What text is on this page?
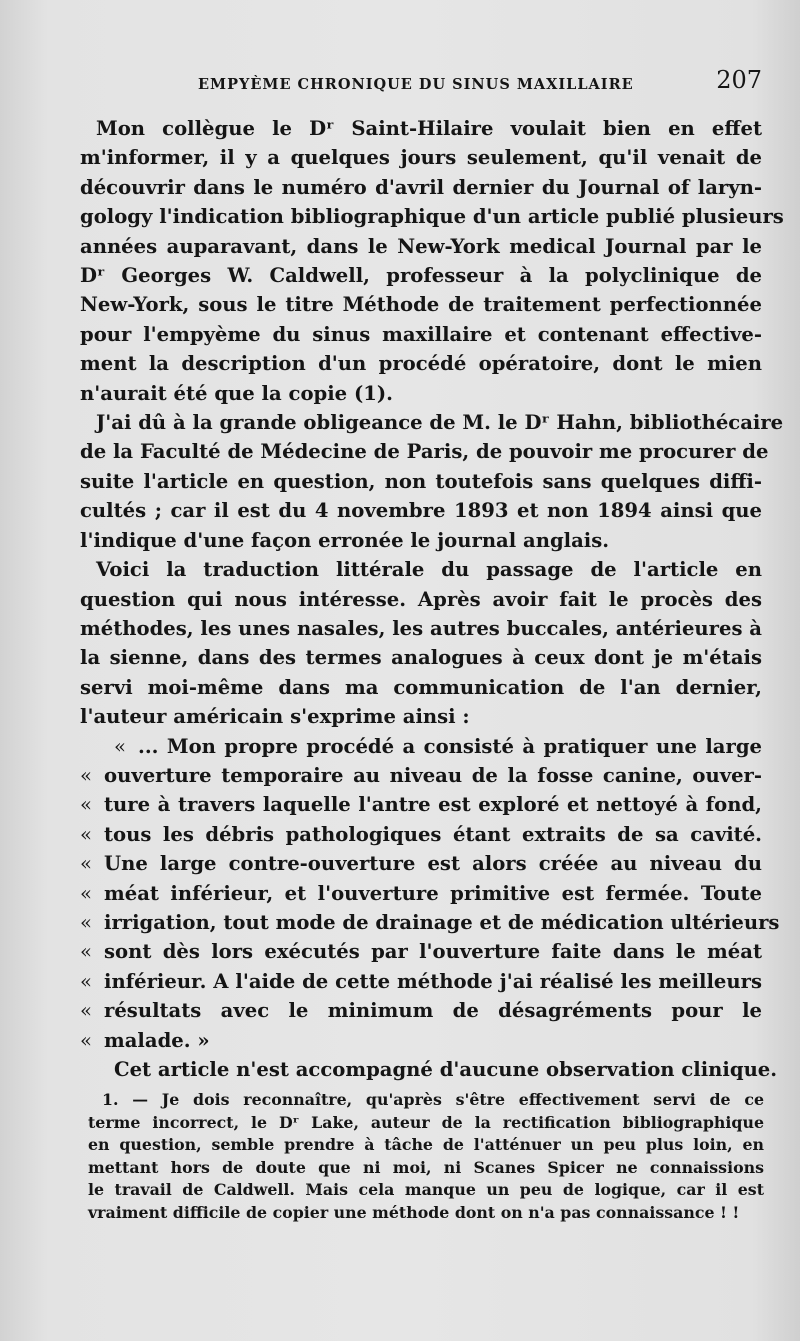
EMPYÈME CHRONIQUE DU SINUS MAXILLAIRE	207
Mon collègue le Dʳ Saint-Hilaire voulait bien en effet
m'informer, il y a quelques jours seulement, qu'il venait de
découvrir dans le numéro d'avril dernier du Journal of laryn-
gology l'indication bibliographique d'un article publié plusieurs
années auparavant, dans le New-York medical Journal par le
Dʳ Georges W. Caldwell, professeur à la polyclinique de
New-York, sous le titre Méthode de traitement perfectionnée
pour l'empyème du sinus maxillaire et contenant effective-
ment la description d'un procédé opératoire, dont le mien
n'aurait été que la copie (1).
J'ai dû à la grande obligeance de M. le Dʳ Hahn, bibliothécaire
de la Faculté de Médecine de Paris, de pouvoir me procurer de
suite l'article en question, non toutefois sans quelques diffi-
cultés ; car il est du 4 novembre 1893 et non 1894 ainsi que
l'indique d'une façon erronée le journal anglais.
Voici la traduction littérale du passage de l'article en
question qui nous intéresse. Après avoir fait le procès des
méthodes, les unes nasales, les autres buccales, antérieures à
la sienne, dans des termes analogues à ceux dont je m'étais
servi moi-même dans ma communication de l'an dernier,
l'auteur américain s'exprime ainsi :
« ... Mon propre procédé a consisté à pratiquer une large
« ouverture temporaire au niveau de la fosse canine, ouver-
« ture à travers laquelle l'antre est exploré et nettoyé à fond,
« tous les débris pathologiques étant extraits de sa cavité.
« Une large contre-ouverture est alors créée au niveau du
« méat inférieur, et l'ouverture primitive est fermée. Toute
« irrigation, tout mode de drainage et de médication ultérieurs
« sont dès lors exécutés par l'ouverture faite dans le méat
« inférieur. A l'aide de cette méthode j'ai réalisé les meilleurs
« résultats avec le minimum de désagréments pour le
« malade. »
Cet article n'est accompagné d'aucune observation clinique.
1. — Je dois reconnaître, qu'après s'être effectivement servi de ce
terme incorrect, le Dʳ Lake, auteur de la rectification bibliographique
en question, semble prendre à tâche de l'atténuer un peu plus loin, en
mettant hors de doute que ni moi, ni Scanes Spicer ne connaissions
le travail de Caldwell. Mais cela manque un peu de logique, car il est
vraiment difficile de copier une méthode dont on n'a pas connaissance ! !
